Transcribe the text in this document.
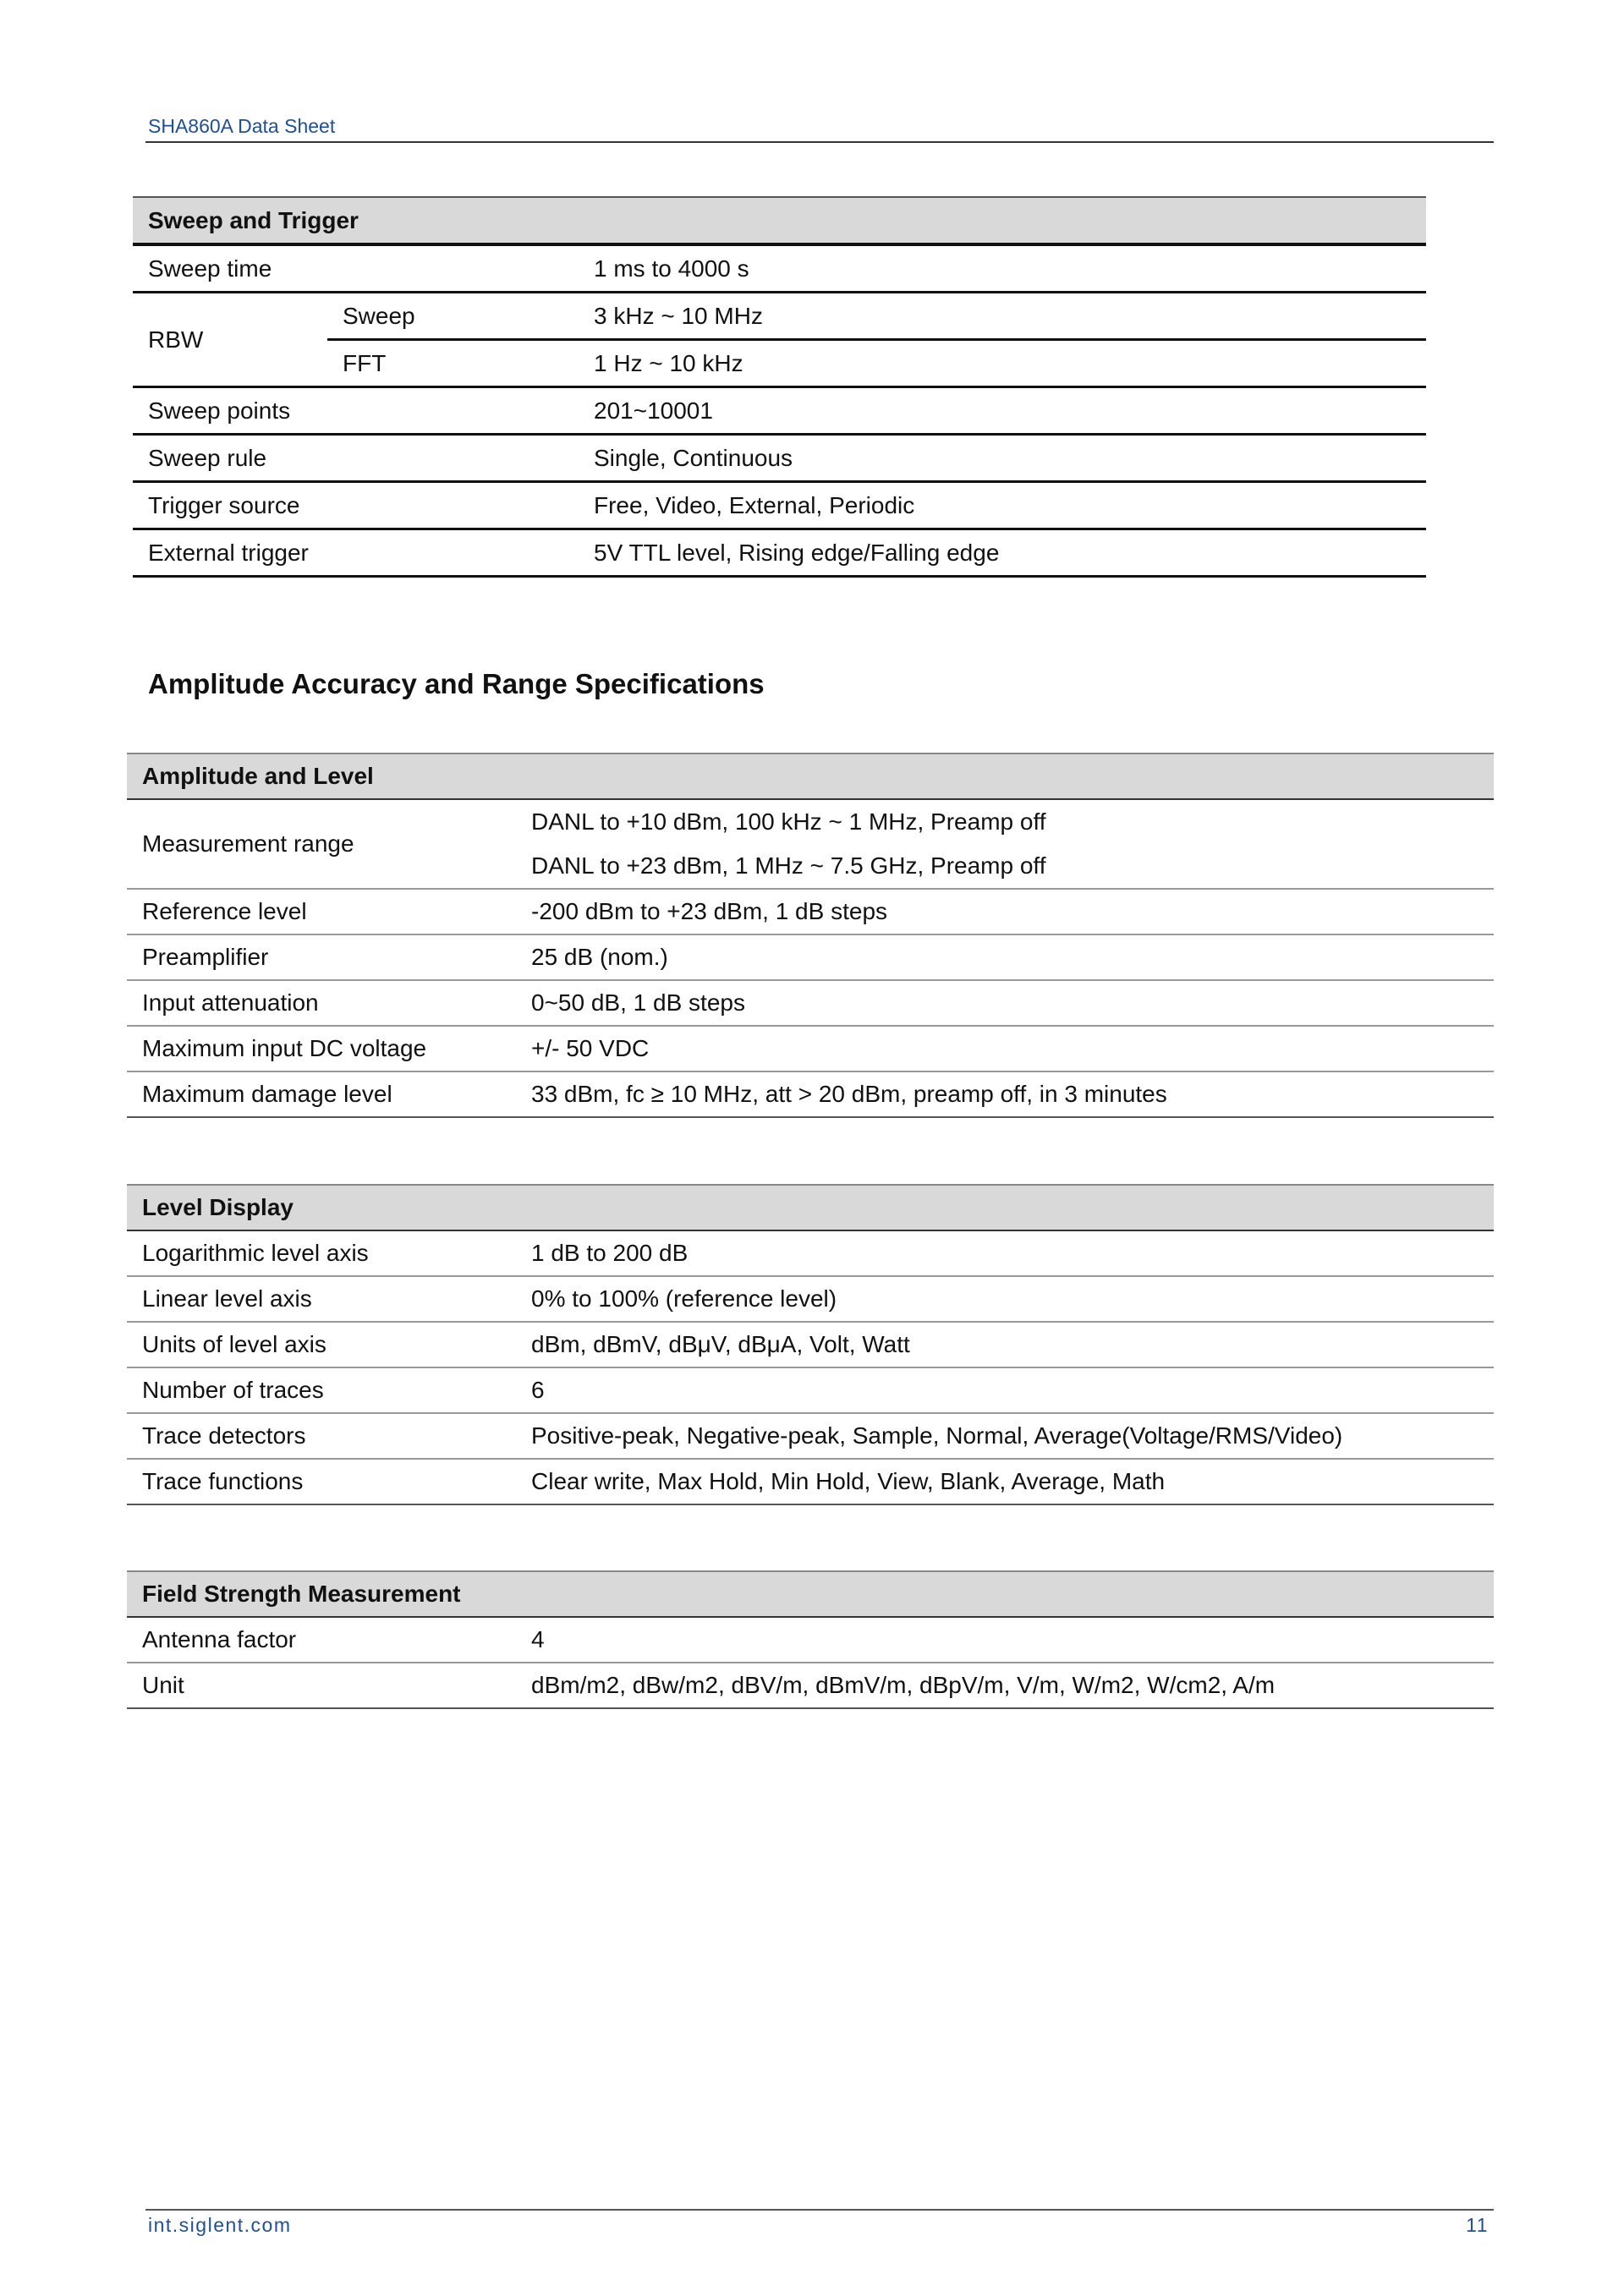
SHA860A Data Sheet
Sweep and Trigger		
Sweep time		1 ms to 4000 s
RBW	Sweep	3 kHz ~ 10 MHz
	FFT	1 Hz ~ 10 kHz
Sweep points		201~10001
Sweep rule		Single, Continuous
Trigger source		Free, Video, External, Periodic
External trigger		5V TTL level, Rising edge/Falling edge
Amplitude Accuracy and Range Specifications
Amplitude and Level	
Measurement range	DANL to +10 dBm, 100 kHz ~ 1 MHz, Preamp off
DANL to +23 dBm, 1 MHz ~ 7.5 GHz, Preamp off

Reference level	-200 dBm to +23 dBm, 1 dB steps
Preamplifier	25 dB (nom.)
Input attenuation	0~50 dB, 1 dB steps
Maximum input DC voltage	+/- 50 VDC
Maximum damage level	33 dBm, fc ≥ 10 MHz, att > 20 dBm, preamp off, in 3 minutes
Level Display	
Logarithmic level axis	1 dB to 200 dB
Linear level axis	0% to 100% (reference level)
Units of level axis	dBm, dBmV, dBμV, dBμA, Volt, Watt
Number of traces	6
Trace detectors	Positive-peak, Negative-peak, Sample, Normal, Average(Voltage/RMS/Video)
Trace functions	Clear write, Max Hold, Min Hold, View, Blank, Average, Math
Field Strength Measurement	
Antenna factor	4
Unit	dBm/m2, dBw/m2, dBV/m, dBmV/m, dBpV/m, V/m, W/m2, W/cm2, A/m
int.siglent.com	11
